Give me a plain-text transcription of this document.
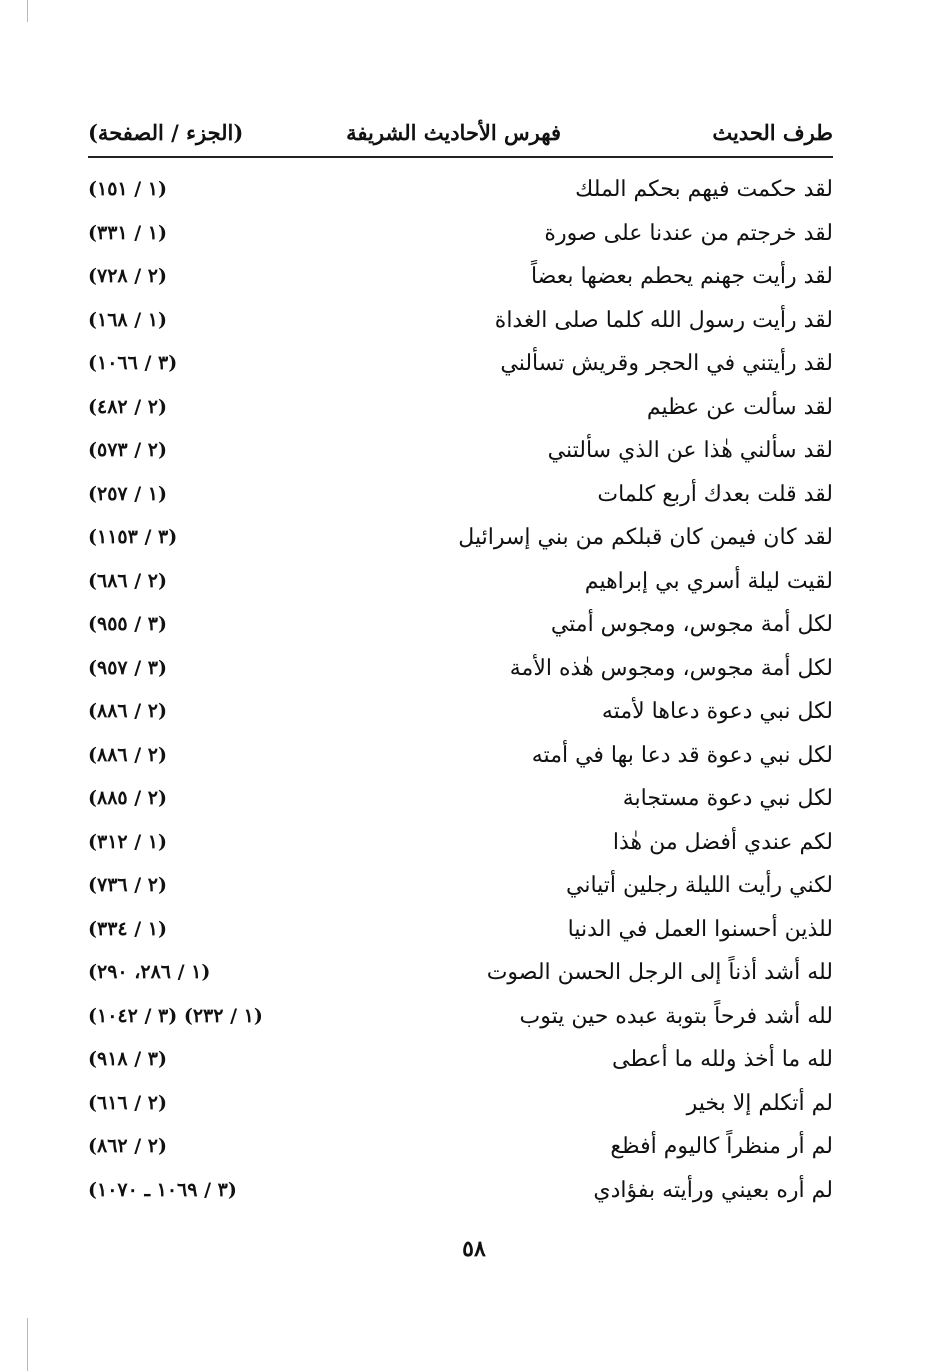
طرف الحديث
فهرس الأحاديث الشريفة
(الجزء / الصفحة)
لقد حكمت فيهم بحكم الملك
(١ / ١٥١)
لقد خرجتم من عندنا على صورة
(١ / ٣٣١)
لقد رأيت جهنم يحطم بعضها بعضاً
(٢ / ٧٢٨)
لقد رأيت رسول الله كلما صلى الغداة
(١ / ١٦٨)
لقد رأيتني في الحجر وقريش تسألني
(٣ / ١٠٦٦)
لقد سألت عن عظيم
(٢ / ٤٨٢)
لقد سألني هٰذا عن الذي سألتني
(٢ / ٥٧٣)
لقد قلت بعدك أربع كلمات
(١ / ٢٥٧)
لقد كان فيمن كان قبلكم من بني إسرائيل
(٣ / ١١٥٣)
لقيت ليلة أسري بي إبراهيم
(٢ / ٦٨٦)
لكل أمة مجوس، ومجوس أمتي
(٣ / ٩٥٥)
لكل أمة مجوس، ومجوس هٰذه الأمة
(٣ / ٩٥٧)
لكل نبي دعوة دعاها لأمته
(٢ / ٨٨٦)
لكل نبي دعوة قد دعا بها في أمته
(٢ / ٨٨٦)
لكل نبي دعوة مستجابة
(٢ / ٨٨٥)
لكم عندي أفضل من هٰذا
(١ / ٣١٢)
لكني رأيت الليلة رجلين أتياني
(٢ / ٧٣٦)
للذين أحسنوا العمل في الدنيا
(١ / ٣٣٤)
لله أشد أذناً إلى الرجل الحسن الصوت
(١ / ٢٨٦، ٢٩٠)
لله أشد فرحاً بتوبة عبده حين يتوب
(١ / ٢٣٢) (٣ / ١٠٤٢)
لله ما أخذ ولله ما أعطى
(٣ / ٩١٨)
لم أتكلم إلا بخير
(٢ / ٦١٦)
لم أر منظراً كاليوم أفظع
(٢ / ٨٦٢)
لم أره بعيني ورأيته بفؤادي
(٣ / ١٠٦٩ ـ ١٠٧٠)
٥٨
